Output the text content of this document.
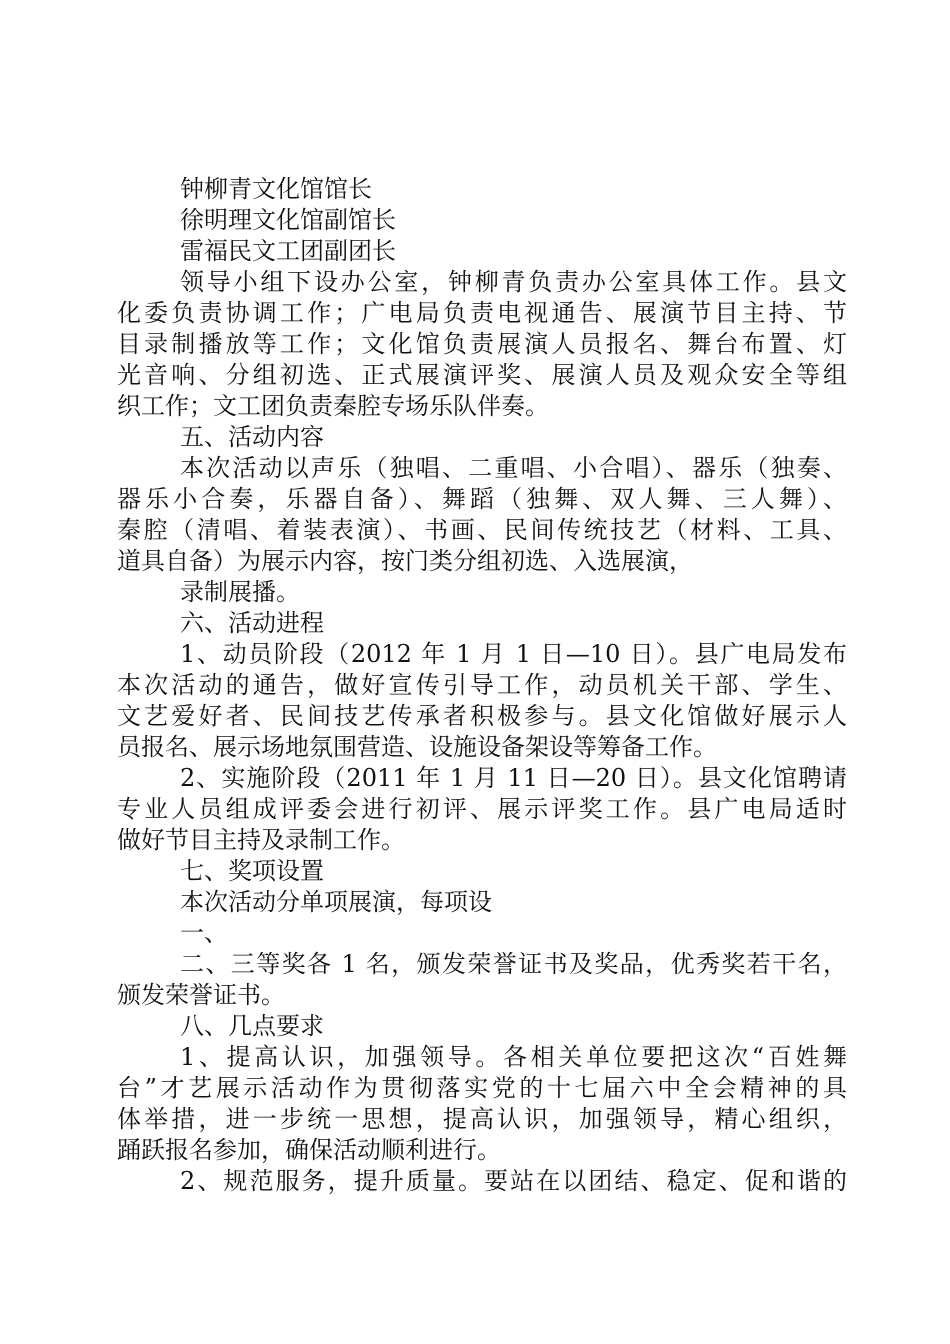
钟柳青文化馆馆长
徐明理文化馆副馆长
雷福民文工团副团长
领导小组下设办公室，钟柳青负责办公室具体工作。县文
化委负责协调工作；广电局负责电视通告、展演节目主持、节
目录制播放等工作；文化馆负责展演人员报名、舞台布置、灯
光音响、分组初选、正式展演评奖、展演人员及观众安全等组
织工作；文工团负责秦腔专场乐队伴奏。
五、活动内容
本次活动以声乐（独唱、二重唱、小合唱）、器乐（独奏、
器乐小合奏，乐器自备）、舞蹈（独舞、双人舞、三人舞）、
秦腔（清唱、着装表演）、书画、民间传统技艺（材料、工具、
道具自备）为展示内容，按门类分组初选、入选展演，
录制展播。
六、活动进程
1、动员阶段（2012 年 1 月 1 日—10 日）。县广电局发布
本次活动的通告，做好宣传引导工作，动员机关干部、学生、
文艺爱好者、民间技艺传承者积极参与。县文化馆做好展示人
员报名、展示场地氛围营造、设施设备架设等筹备工作。
2、实施阶段（2011 年 1 月 11 日—20 日）。县文化馆聘请
专业人员组成评委会进行初评、展示评奖工作。县广电局适时
做好节目主持及录制工作。
七、奖项设置
本次活动分单项展演，每项设
一、
二、三等奖各 1 名，颁发荣誉证书及奖品，优秀奖若干名，
颁发荣誉证书。
八、几点要求
1、提高认识，加强领导。各相关单位要把这次“百姓舞
台”才艺展示活动作为贯彻落实党的十七届六中全会精神的具
体举措，进一步统一思想，提高认识，加强领导，精心组织，
踊跃报名参加，确保活动顺利进行。
2、规范服务，提升质量。要站在以团结、稳定、促和谐的
